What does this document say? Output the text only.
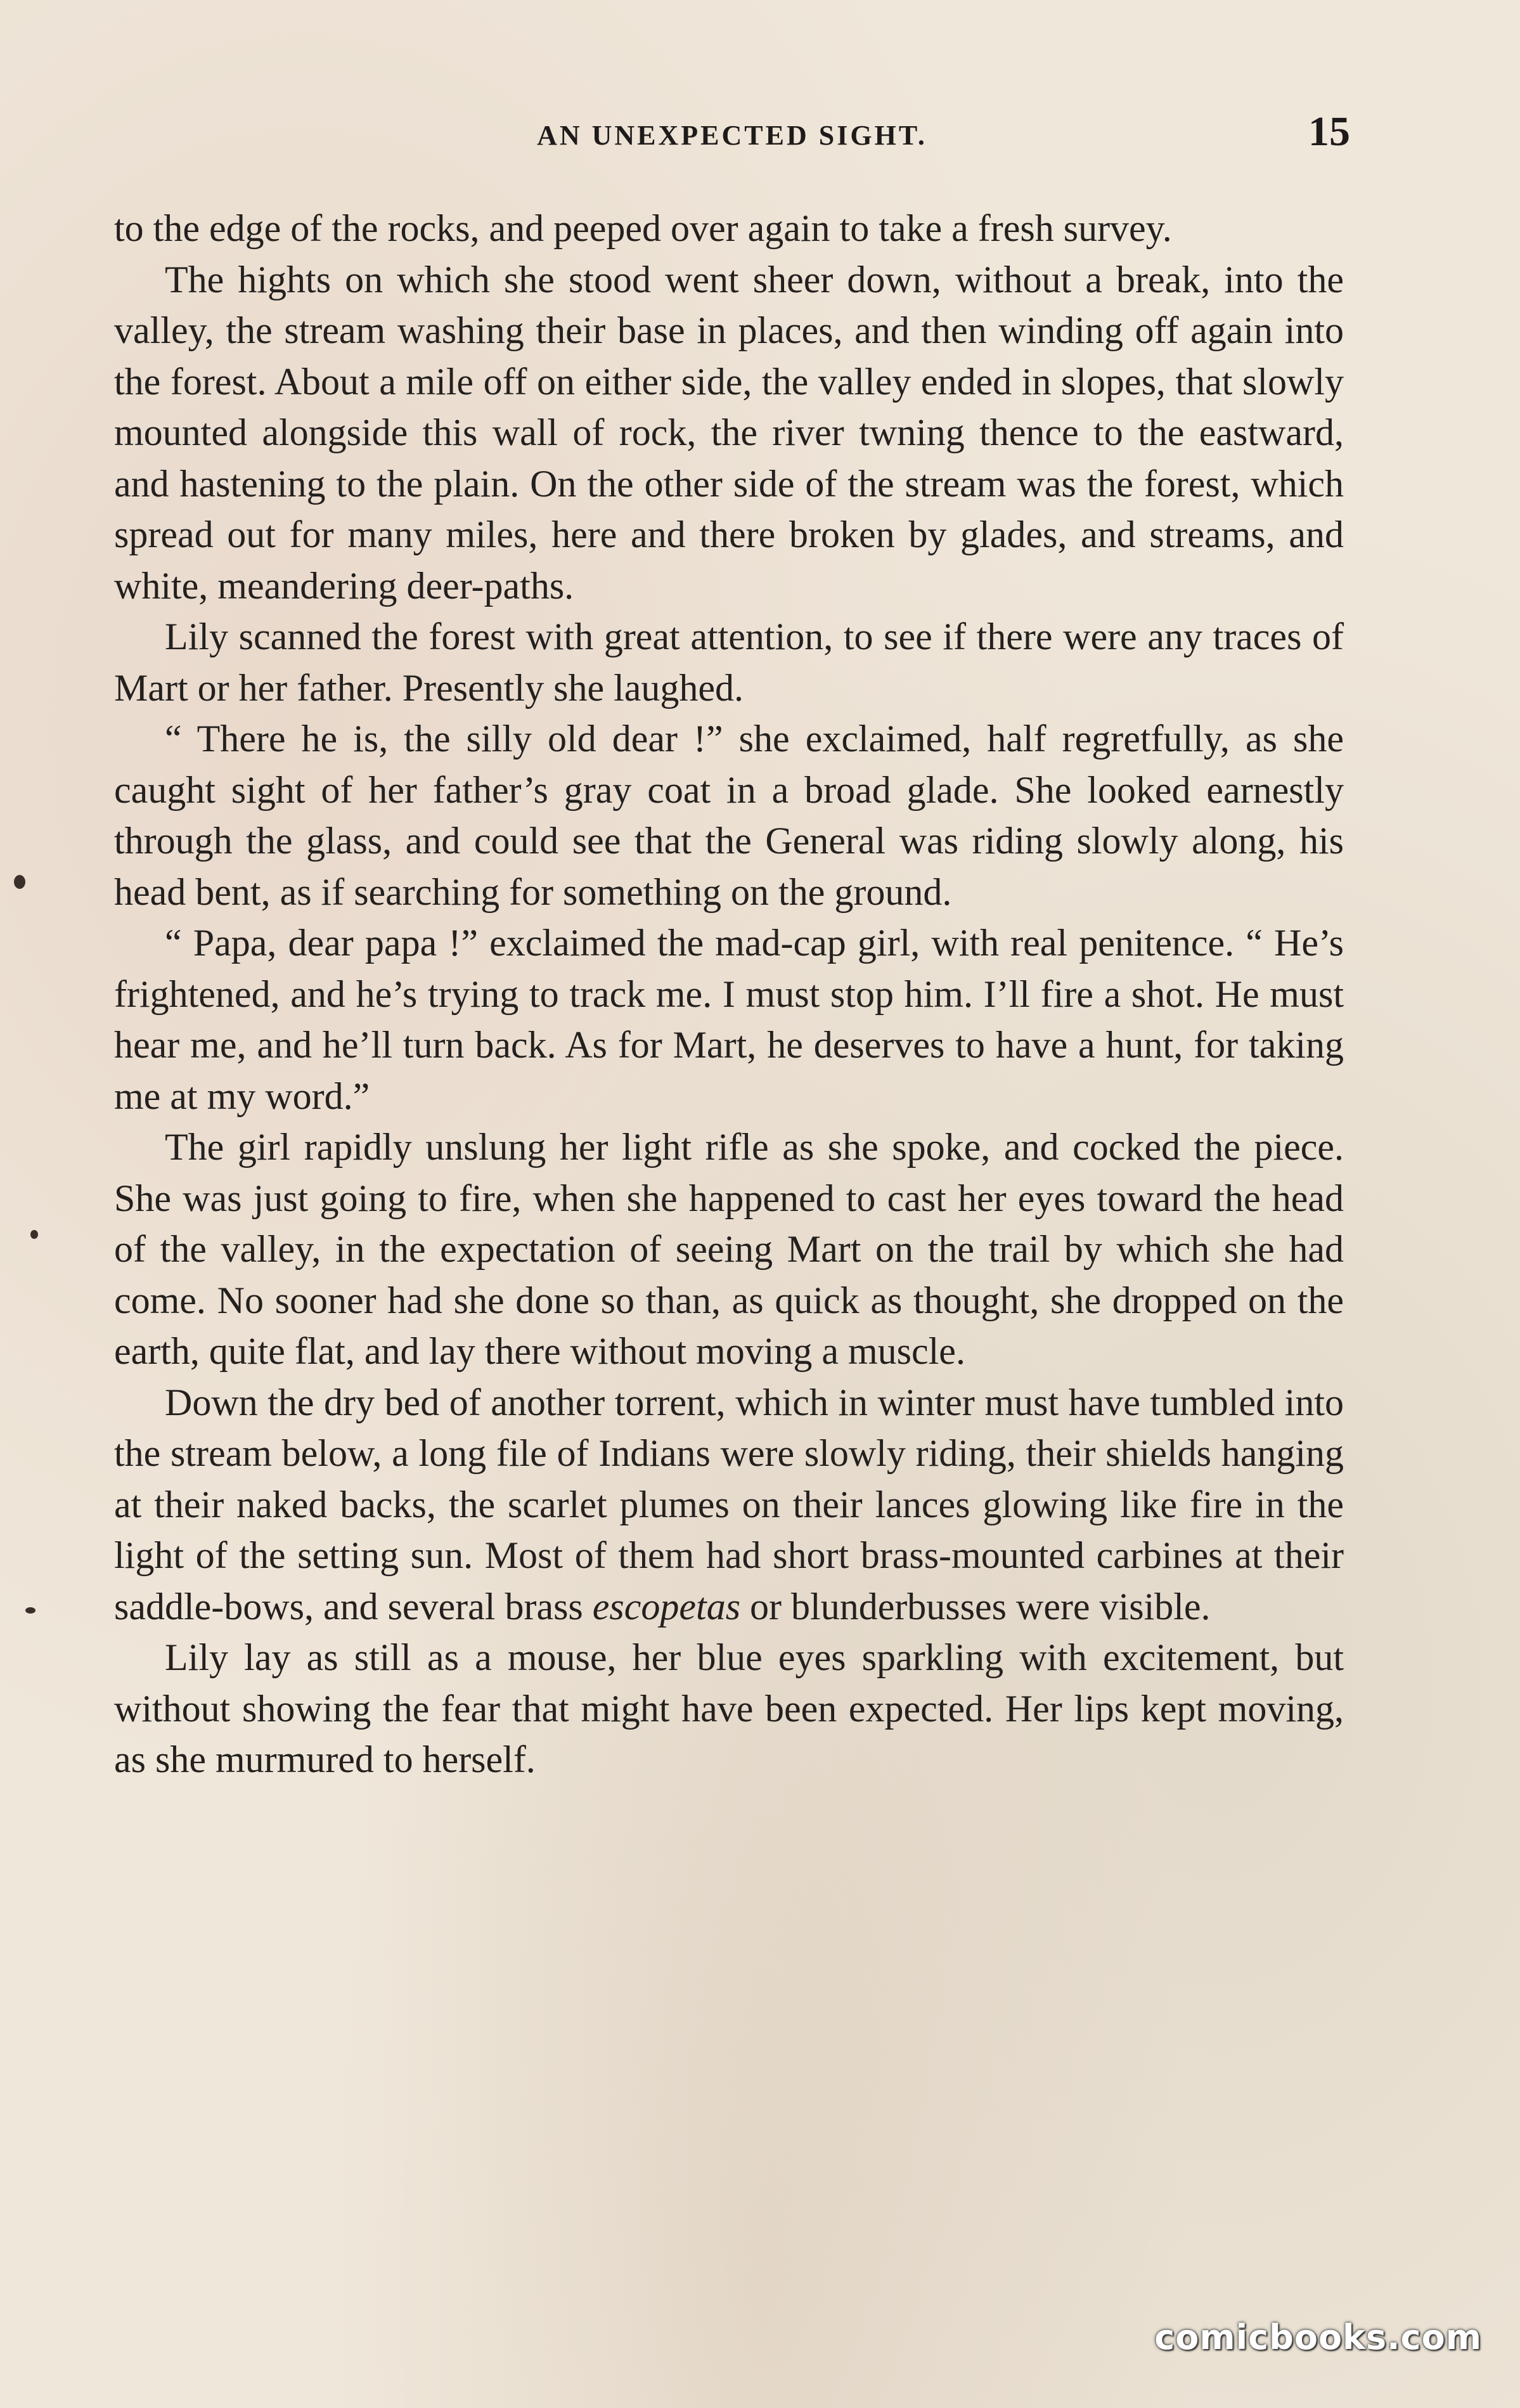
AN UNEXPECTED SIGHT.	15

to the edge of the rocks, and peeped over again to take a fresh survey.

The hights on which she stood went sheer down, without a break, into the valley, the stream washing their base in places, and then winding off again into the forest. About a mile off on either side, the valley ended in slopes, that slowly mounted alongside this wall of rock, the river twning thence to the eastward, and hastening to the plain. On the other side of the stream was the forest, which spread out for many miles, here and there broken by glades, and streams, and white, meandering deer-paths.

Lily scanned the forest with great attention, to see if there were any traces of Mart or her father. Presently she laughed.

“ There he is, the silly old dear !” she exclaimed, half regretfully, as she caught sight of her father’s gray coat in a broad glade. She looked earnestly through the glass, and could see that the General was riding slowly along, his head bent, as if searching for something on the ground.

“ Papa, dear papa !” exclaimed the mad-cap girl, with real penitence. “ He’s frightened, and he’s trying to track me. I must stop him. I’ll fire a shot. He must hear me, and he’ll turn back. As for Mart, he deserves to have a hunt, for taking me at my word.”

The girl rapidly unslung her light rifle as she spoke, and cocked the piece. She was just going to fire, when she happened to cast her eyes toward the head of the valley, in the expectation of seeing Mart on the trail by which she had come. No sooner had she done so than, as quick as thought, she dropped on the earth, quite flat, and lay there without moving a muscle.

Down the dry bed of another torrent, which in winter must have tumbled into the stream below, a long file of Indians were slowly riding, their shields hanging at their naked backs, the scarlet plumes on their lances glowing like fire in the light of the setting sun. Most of them had short brass-mounted carbines at their saddle-bows, and several brass escopetas or blunderbusses were visible.

Lily lay as still as a mouse, her blue eyes sparkling with excitement, but without showing the fear that might have been expected. Her lips kept moving, as she murmured to herself.

comicbooks.com
